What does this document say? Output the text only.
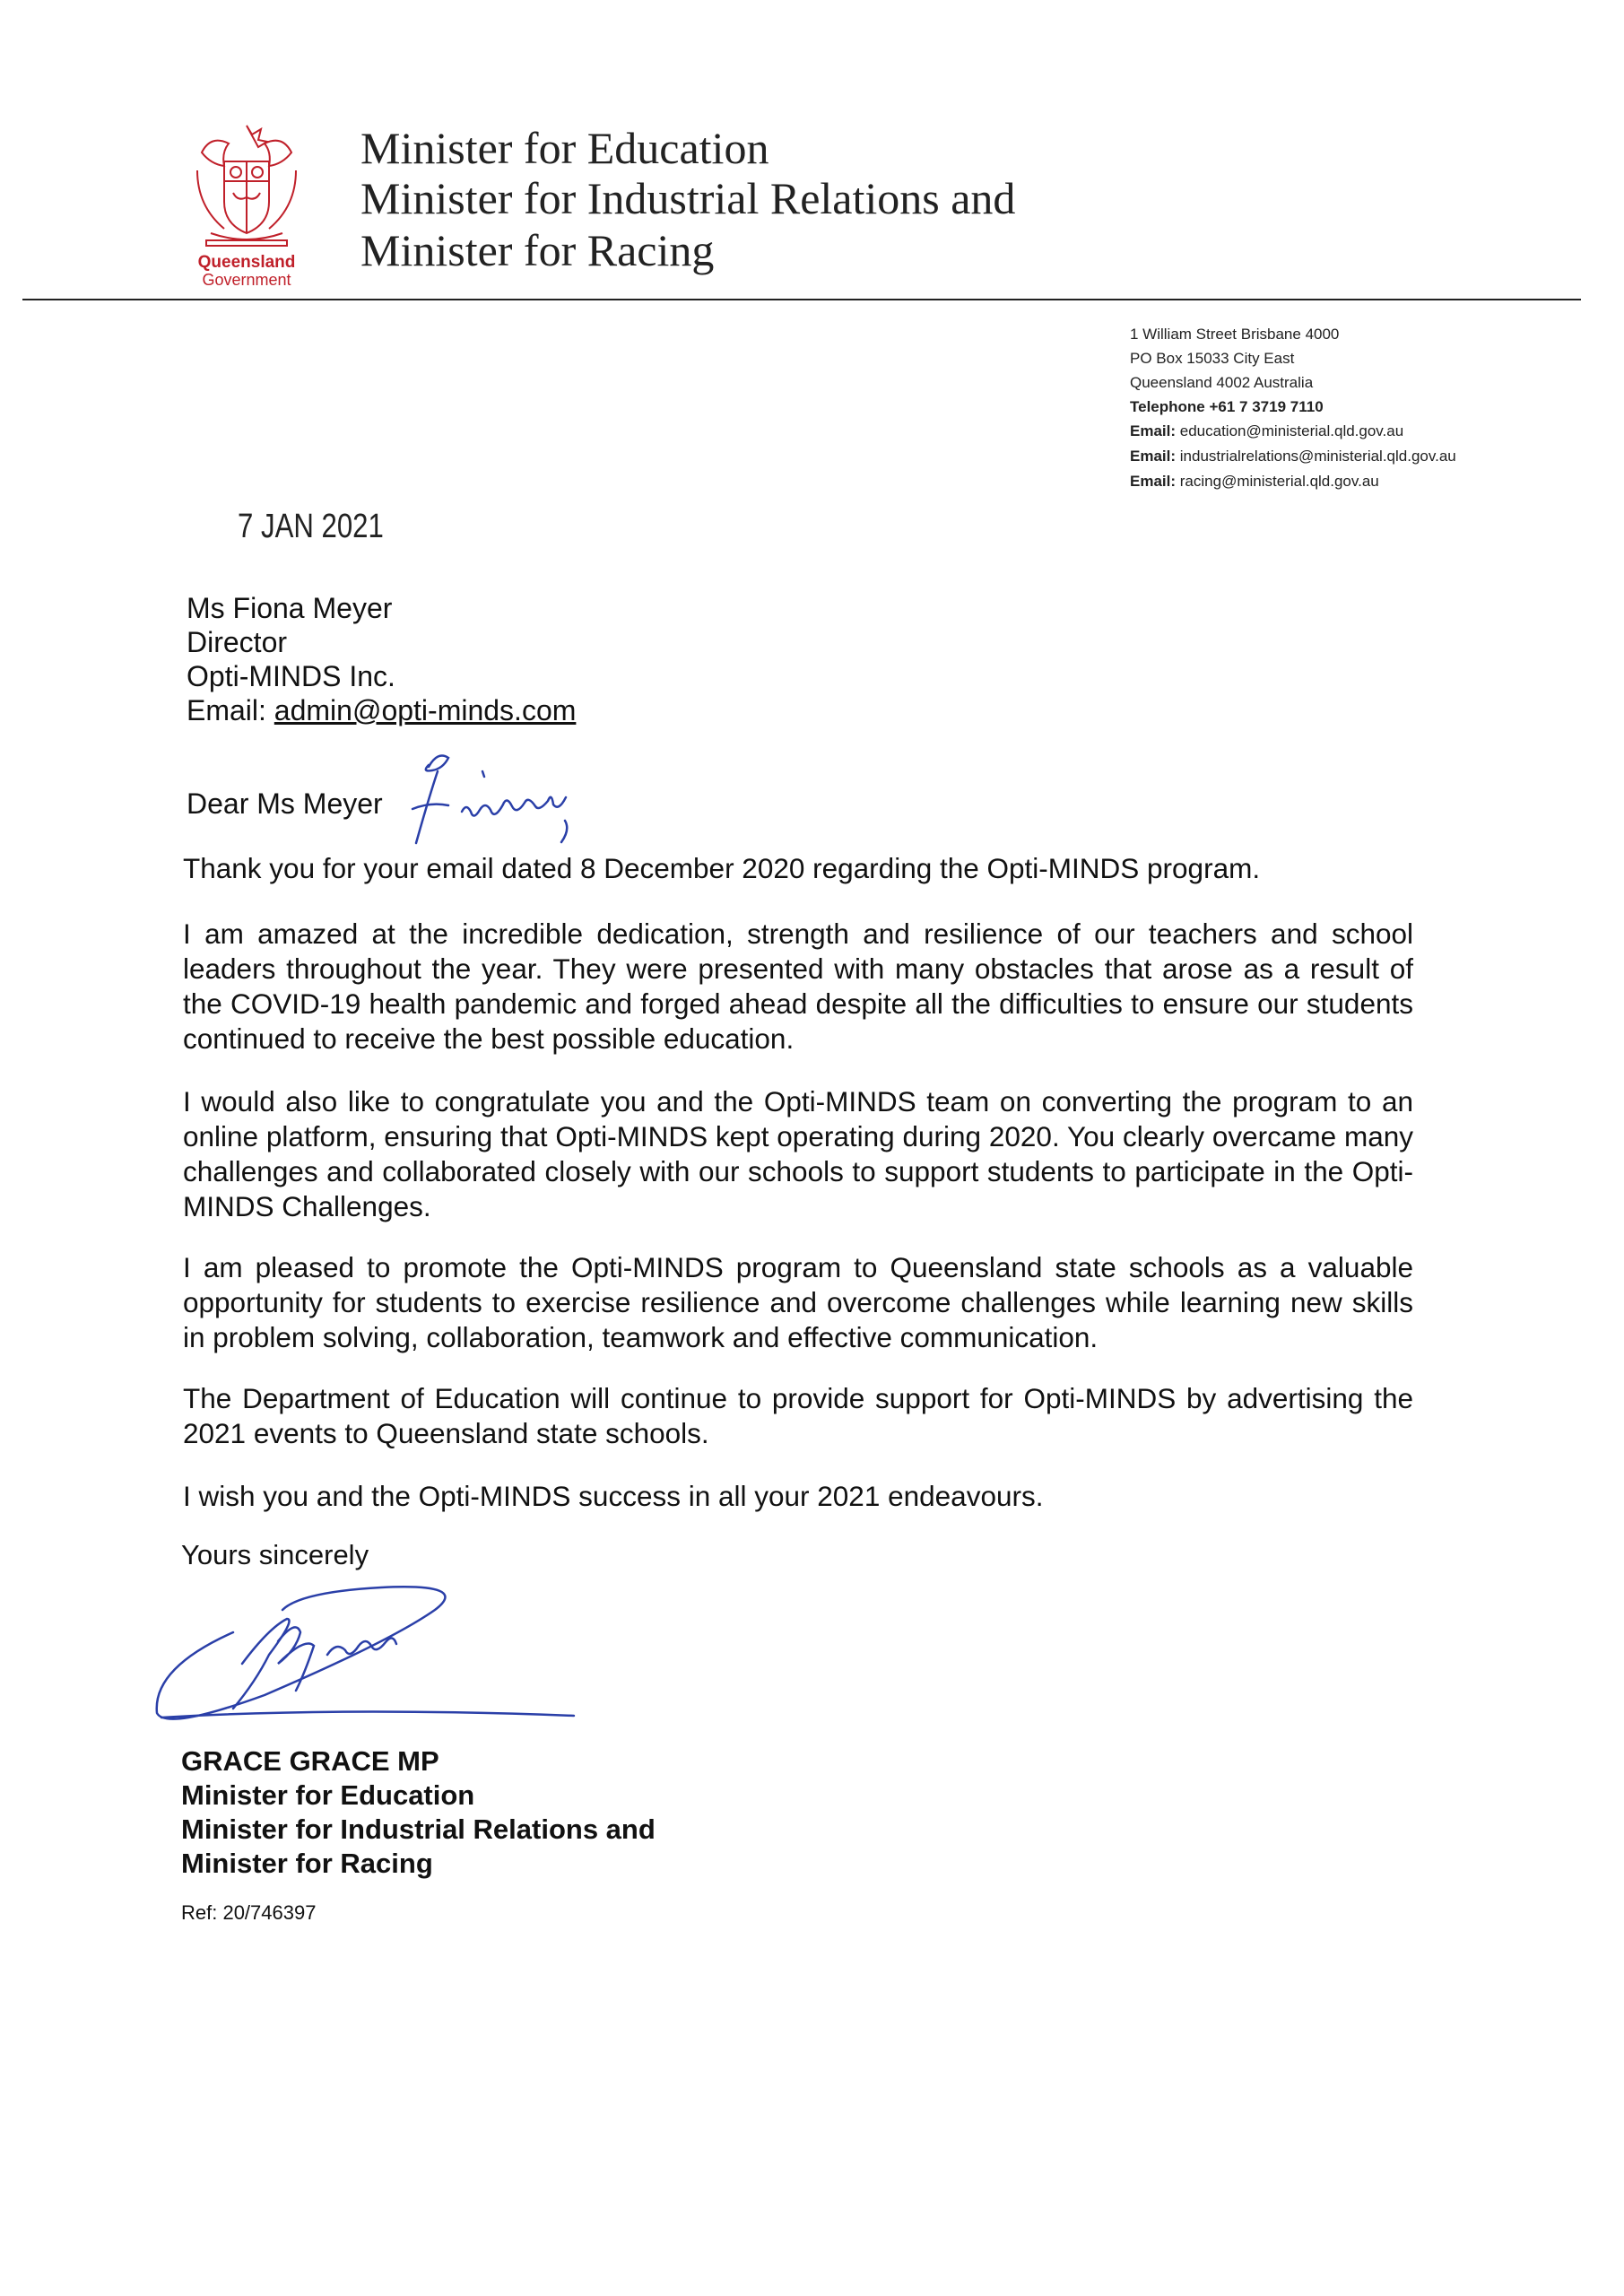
Queensland
Government
Minister for Education
Minister for Industrial Relations and
Minister for Racing
1 William Street Brisbane 4000
PO Box 15033 City East
Queensland 4002 Australia
Telephone +61 7 3719 7110
Email: education@ministerial.qld.gov.au
Email: industrialrelations@ministerial.qld.gov.au
Email: racing@ministerial.qld.gov.au
7 JAN 2021
Ms Fiona Meyer
Director
Opti-MINDS Inc.
Email: admin@opti-minds.com
Dear Ms Meyer
Thank you for your email dated 8 December 2020 regarding the Opti-MINDS program.
I am amazed at the incredible dedication, strength and resilience of our teachers and school leaders throughout the year. They were presented with many obstacles that arose as a result of the COVID-19 health pandemic and forged ahead despite all the difficulties to ensure our students continued to receive the best possible education.
I would also like to congratulate you and the Opti-MINDS team on converting the program to an online platform, ensuring that Opti-MINDS kept operating during 2020. You clearly overcame many challenges and collaborated closely with our schools to support students to participate in the Opti-MINDS Challenges.
I am pleased to promote the Opti-MINDS program to Queensland state schools as a valuable opportunity for students to exercise resilience and overcome challenges while learning new skills in problem solving, collaboration, teamwork and effective communication.
The Department of Education will continue to provide support for Opti-MINDS by advertising the 2021 events to Queensland state schools.
I wish you and the Opti-MINDS success in all your 2021 endeavours.
Yours sincerely
GRACE GRACE MP
Minister for Education
Minister for Industrial Relations and
Minister for Racing
Ref: 20/746397
